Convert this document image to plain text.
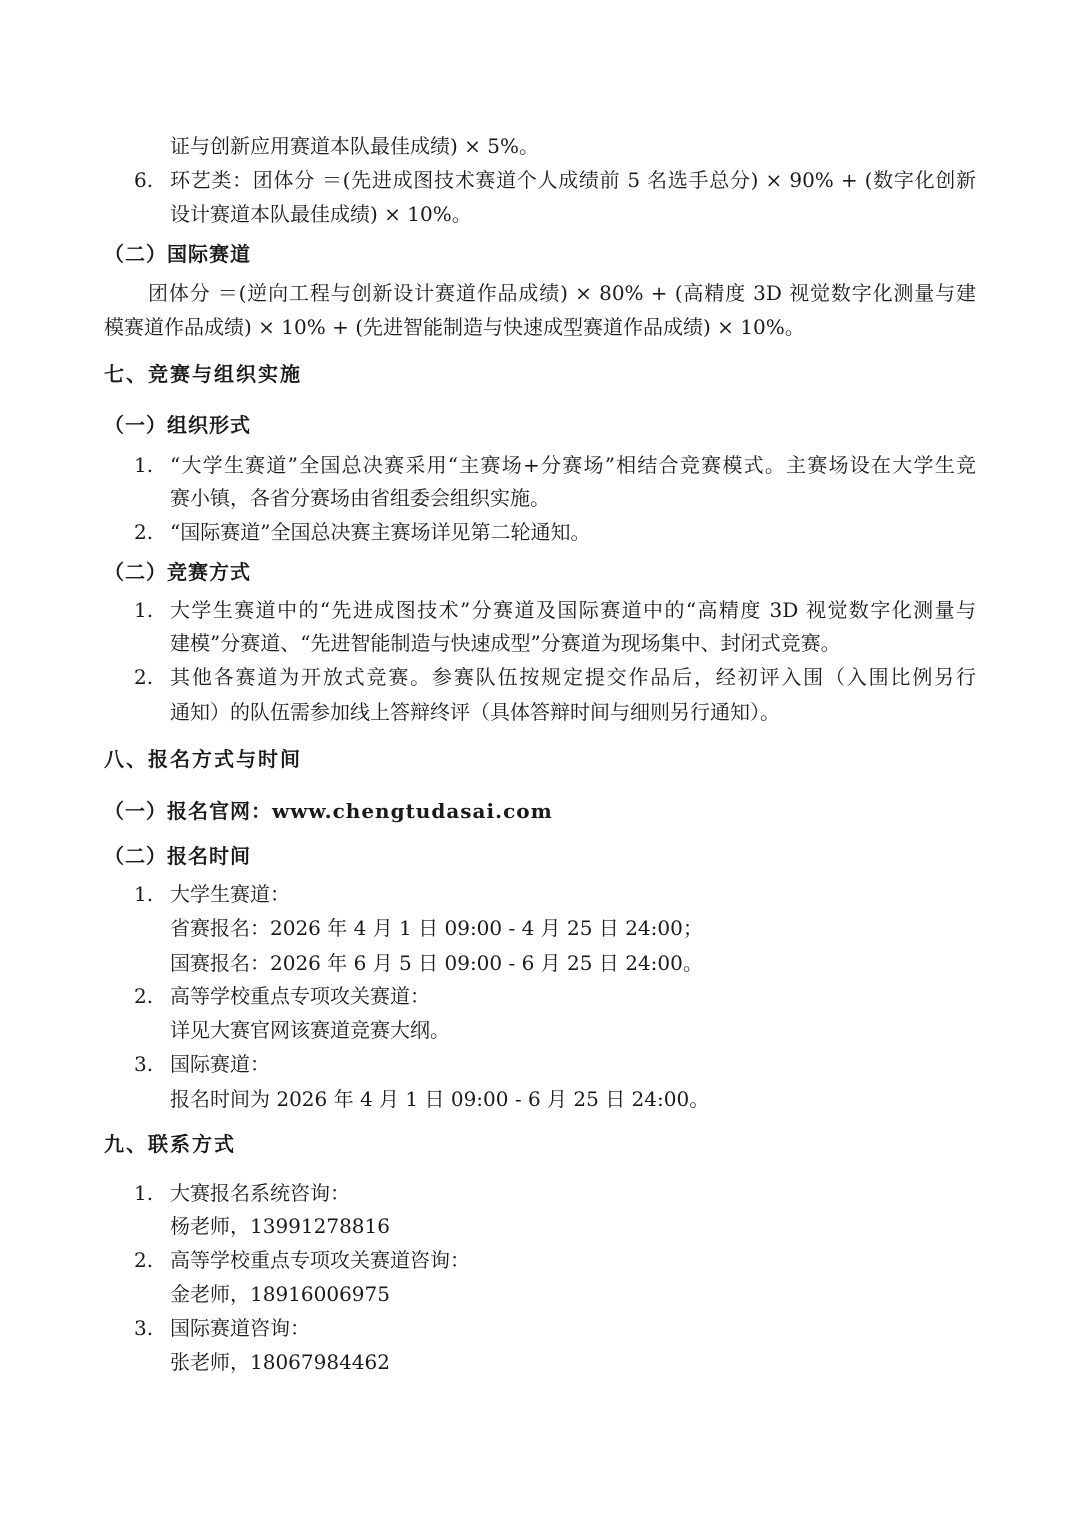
证与创新应用赛道本队最佳成绩) × 5%。
6. 环艺类：团体分 ＝(先进成图技术赛道个人成绩前 5 名选手总分) × 90% + (数字化创新
设计赛道本队最佳成绩) × 10%。
（二）国际赛道
团体分 ＝(逆向工程与创新设计赛道作品成绩) × 80% + (高精度 3D 视觉数字化测量与建
模赛道作品成绩) × 10% + (先进智能制造与快速成型赛道作品成绩) × 10%。
七、竞赛与组织实施
（一）组织形式
1. “大学生赛道”全国总决赛采用“主赛场+分赛场”相结合竞赛模式。主赛场设在大学生竞
赛小镇，各省分赛场由省组委会组织实施。
2. “国际赛道”全国总决赛主赛场详见第二轮通知。
（二）竞赛方式
1. 大学生赛道中的“先进成图技术”分赛道及国际赛道中的“高精度 3D 视觉数字化测量与
建模”分赛道、“先进智能制造与快速成型”分赛道为现场集中、封闭式竞赛。
2. 其他各赛道为开放式竞赛。参赛队伍按规定提交作品后，经初评入围（入围比例另行
通知）的队伍需参加线上答辩终评（具体答辩时间与细则另行通知）。
八、报名方式与时间
（一）报名官网：www.chengtudasai.com
（二）报名时间
1. 大学生赛道：
省赛报名：2026 年 4 月 1 日 09:00 - 4 月 25 日 24:00；
国赛报名：2026 年 6 月 5 日 09:00 - 6 月 25 日 24:00。
2. 高等学校重点专项攻关赛道：
详见大赛官网该赛道竞赛大纲。
3. 国际赛道：
报名时间为 2026 年 4 月 1 日 09:00 - 6 月 25 日 24:00。
九、联系方式
1. 大赛报名系统咨询：
杨老师，13991278816
2. 高等学校重点专项攻关赛道咨询：
金老师，18916006975
3. 国际赛道咨询：
张老师，18067984462
